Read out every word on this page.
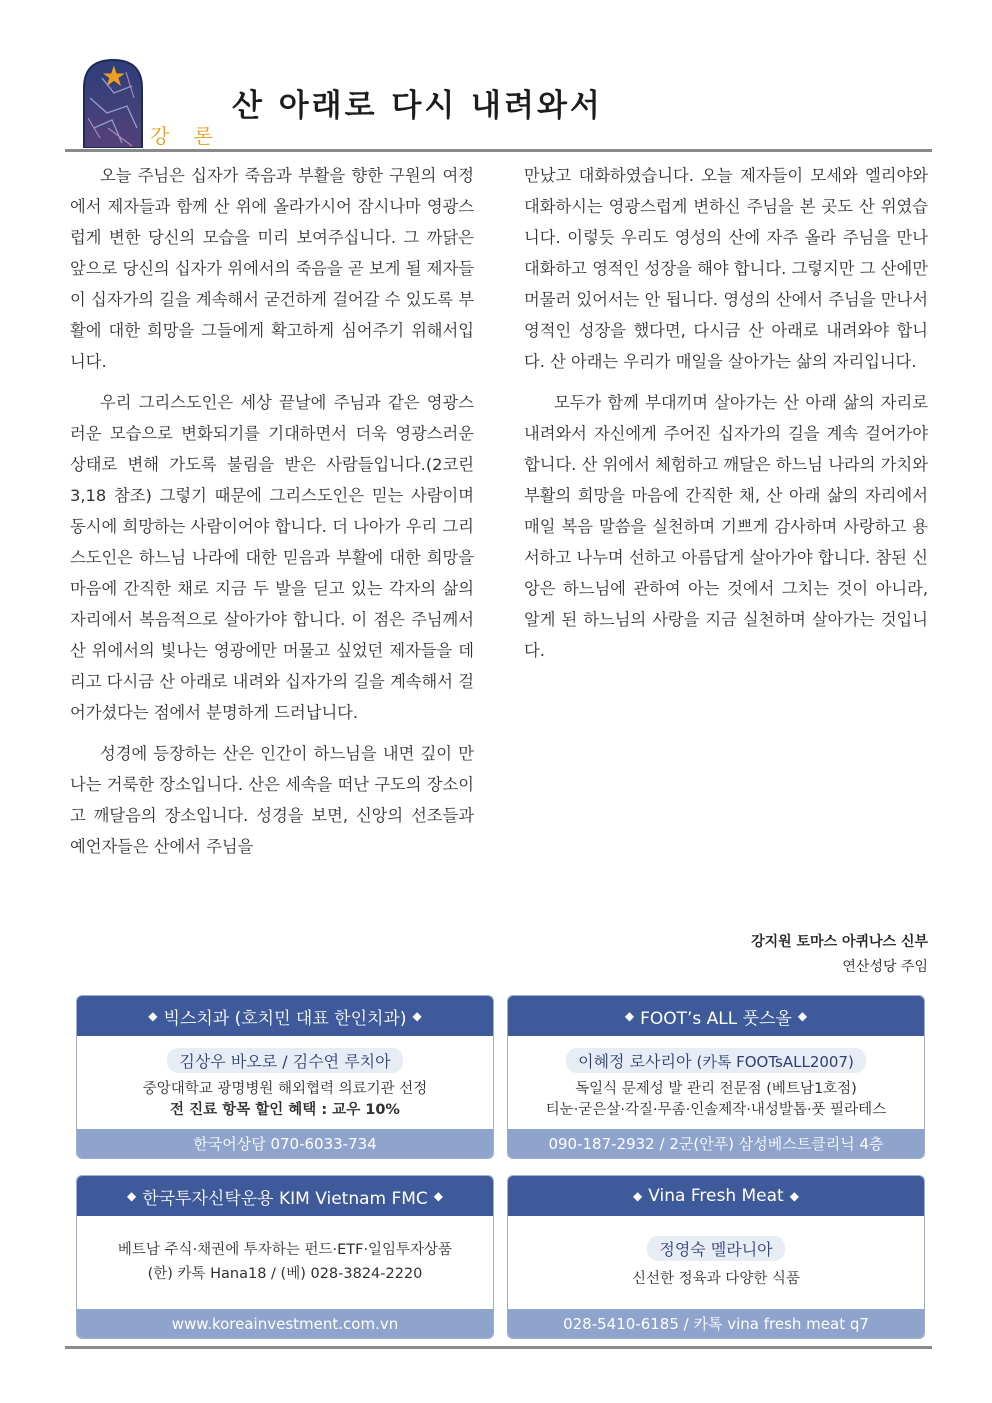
강 론
산 아래로 다시 내려와서

오늘 주님은 십자가 죽음과 부활을 향한 구원의 여정에서 제자들과 함께 산 위에 올라가시어 잠시나마 영광스럽게 변한 당신의 모습을 미리 보여주십니다. 그 까닭은 앞으로 당신의 십자가 위에서의 죽음을 곧 보게 될 제자들이 십자가의 길을 계속해서 굳건하게 걸어갈 수 있도록 부활에 대한 희망을 그들에게 확고하게 심어주기 위해서입니다.

우리 그리스도인은 세상 끝날에 주님과 같은 영광스러운 모습으로 변화되기를 기대하면서 더욱 영광스러운 상태로 변해 가도록 불림을 받은 사람들입니다.(2코린 3,18 참조) 그렇기 때문에 그리스도인은 믿는 사람이며 동시에 희망하는 사람이어야 합니다. 더 나아가 우리 그리스도인은 하느님 나라에 대한 믿음과 부활에 대한 희망을 마음에 간직한 채로 지금 두 발을 딛고 있는 각자의 삶의 자리에서 복음적으로 살아가야 합니다. 이 점은 주님께서 산 위에서의 빛나는 영광에만 머물고 싶었던 제자들을 데리고 다시금 산 아래로 내려와 십자가의 길을 계속해서 걸어가셨다는 점에서 분명하게 드러납니다.

성경에 등장하는 산은 인간이 하느님을 내면 깊이 만나는 거룩한 장소입니다. 산은 세속을 떠난 구도의 장소이고 깨달음의 장소입니다. 성경을 보면, 신앙의 선조들과 예언자들은 산에서 주님을

만났고 대화하였습니다. 오늘 제자들이 모세와 엘리야와 대화하시는 영광스럽게 변하신 주님을 본 곳도 산 위였습니다. 이렇듯 우리도 영성의 산에 자주 올라 주님을 만나 대화하고 영적인 성장을 해야 합니다. 그렇지만 그 산에만 머물러 있어서는 안 됩니다. 영성의 산에서 주님을 만나서 영적인 성장을 했다면, 다시금 산 아래로 내려와야 합니다. 산 아래는 우리가 매일을 살아가는 삶의 자리입니다.

모두가 함께 부대끼며 살아가는 산 아래 삶의 자리로 내려와서 자신에게 주어진 십자가의 길을 계속 걸어가야 합니다. 산 위에서 체험하고 깨달은 하느님 나라의 가치와 부활의 희망을 마음에 간직한 채, 산 아래 삶의 자리에서 매일 복음 말씀을 실천하며 기쁘게 감사하며 사랑하고 용서하고 나누며 선하고 아름답게 살아가야 합니다. 참된 신앙은 하느님에 관하여 아는 것에서 그치는 것이 아니라, 알게 된 하느님의 사랑을 지금 실천하며 살아가는 것입니다.

강지원 토마스 아퀴나스 신부
연산성당 주임
◆ 빅스치과 (호치민 대표 한인치과) ◆
김상우 바오로 / 김수연 루치아
중앙대학교 광명병원 해외협력 의료기관 선정
전 진료 항목 할인 혜택 : 교우 10%
한국어상담 070-6033-734
◆ FOOT’s ALL 풋스올 ◆
이혜정 로사리아 (카톡 FOOTsALL2007)
독일식 문제성 발 관리 전문점 (베트남1호점)
티눈·굳은살·각질·무좀·인솔제작·내성발톱·풋 필라테스
090-187-2932 / 2군(안푸) 삼성베스트클리닉 4층
◆ 한국투자신탁운용 KIM Vietnam FMC ◆
베트남 주식·채권에 투자하는 펀드·ETF·일임투자상품
(한) 카톡 Hana18 / (베) 028-3824-2220
www.koreainvestment.com.vn
◆ Vina Fresh Meat ◆
정영숙 멜라니아
신선한 정육과 다양한 식품
028-5410-6185 / 카톡 vina fresh meat q7
